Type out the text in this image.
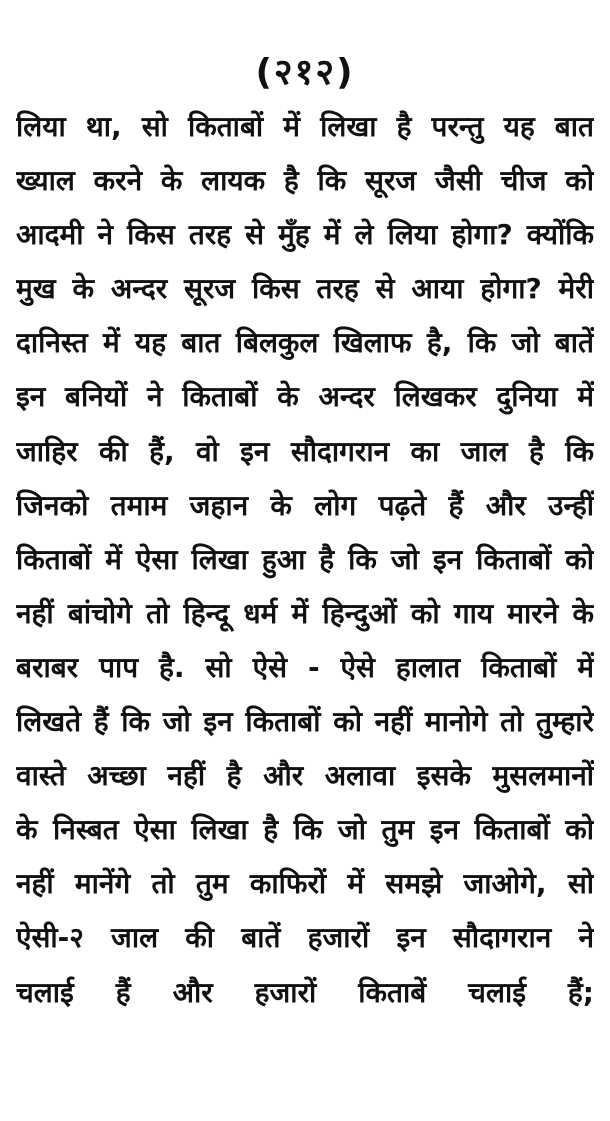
(२१२)
लिया था, सो किताबों में लिखा है परन्तु यह बात
ख्याल करने के लायक है कि सूरज जैसी चीज को
आदमी ने किस तरह से मुँह में ले लिया होगा? क्योंकि
मुख के अन्दर सूरज किस तरह से आया होगा? मेरी
दानिस्त में यह बात बिलकुल खिलाफ है, कि जो बातें
इन बनियों ने किताबों के अन्दर लिखकर दुनिया में
जाहिर की हैं, वो इन सौदागरान का जाल है कि
जिनको तमाम जहान के लोग पढ़ते हैं और उन्हीं
किताबों में ऐसा लिखा हुआ है कि जो इन किताबों को
नहीं बांचोगे तो हिन्दू धर्म में हिन्दुओं को गाय मारने के
बराबर पाप है. सो ऐसे - ऐसे हालात किताबों में
लिखते हैं कि जो इन किताबों को नहीं मानोगे तो तुम्हारे
वास्ते अच्छा नहीं है और अलावा इसके मुसलमानों
के निस्बत ऐसा लिखा है कि जो तुम इन किताबों को
नहीं मानेंगे तो तुम काफिरों में समझे जाओगे, सो
ऐसी-२ जाल की बातें हजारों इन सौदागरान ने
चलाई हैं और हजारों किताबें चलाई हैं;
